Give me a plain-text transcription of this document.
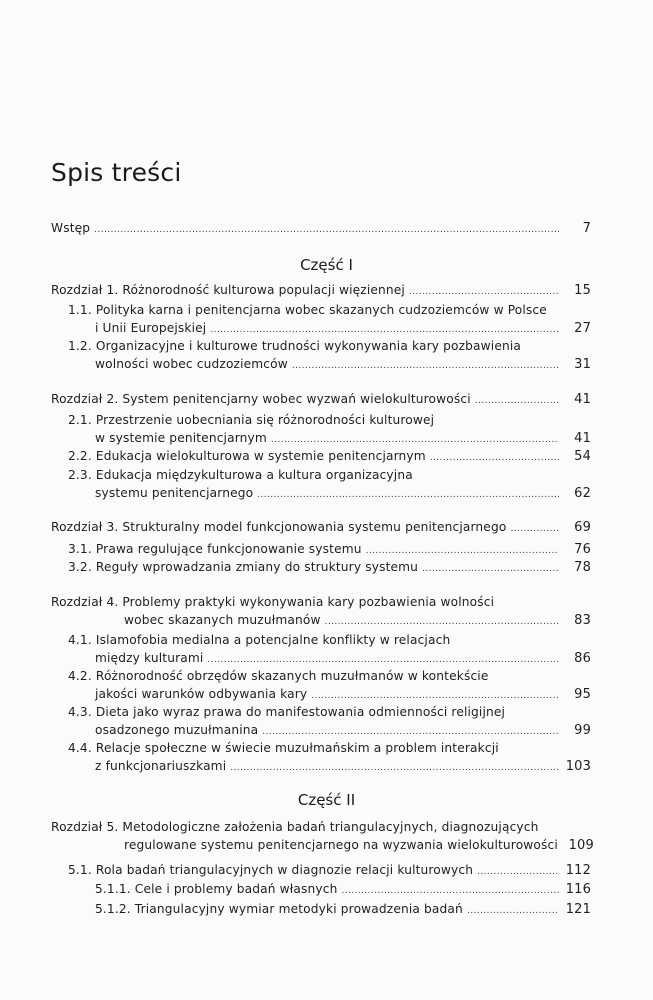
Spis treści
Wstęp .....	7
Część I
Rozdział 1. Różnorodność kulturowa populacji więziennej .....	15
1.1. Polityka karna i penitencjarna wobec skazanych cudzoziemców w Polsce
i Unii Europejskiej .....	27
1.2. Organizacyjne i kulturowe trudności wykonywania kary pozbawienia
wolności wobec cudzoziemców .....	31
Rozdział 2. System penitencjarny wobec wyzwań wielokulturowości .....	41
2.1. Przestrzenie uobecniania się różnorodności kulturowej
w systemie penitencjarnym .....	41
2.2. Edukacja wielokulturowa w systemie penitencjarnym .....	54
2.3. Edukacja międzykulturowa a kultura organizacyjna
systemu penitencjarnego .....	62
Rozdział 3. Strukturalny model funkcjonowania systemu penitencjarnego .....	69
3.1. Prawa regulujące funkcjonowanie systemu .....	76
3.2. Reguły wprowadzania zmiany do struktury systemu .....	78
Rozdział 4. Problemy praktyki wykonywania kary pozbawienia wolności
wobec skazanych muzułmanów .....	83
4.1. Islamofobia medialna a potencjalne konflikty w relacjach
między kulturami .....	86
4.2. Różnorodność obrzędów skazanych muzułmanów w kontekście
jakości warunków odbywania kary .....	95
4.3. Dieta jako wyraz prawa do manifestowania odmienności religijnej
osadzonego muzułmanina .....	99
4.4. Relacje społeczne w świecie muzułmańskim a problem interakcji
z funkcjonariuszkami .....	103
Część II
Rozdział 5. Metodologiczne założenia badań triangulacyjnych, diagnozujących
regulowane systemu penitencjarnego na wyzwania wielokulturowości 109
5.1. Rola badań triangulacyjnych w diagnozie relacji kulturowych .....	112
5.1.1. Cele i problemy badań własnych .....	116
5.1.2. Triangulacyjny wymiar metodyki prowadzenia badań .....	121
